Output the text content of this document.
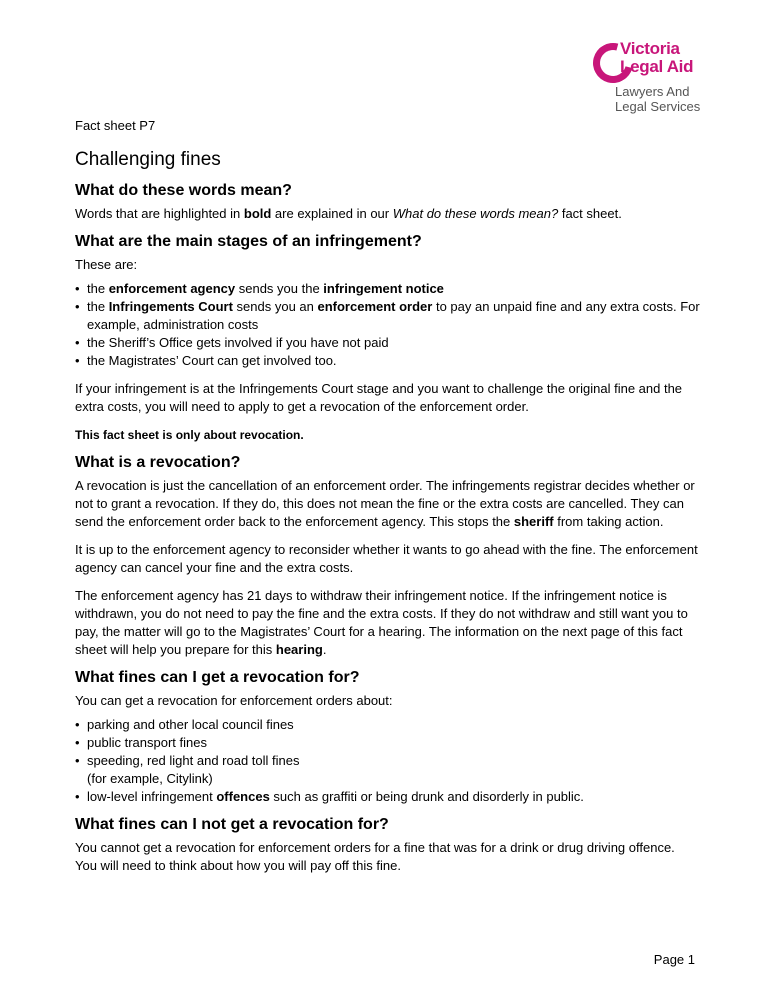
Victoria
Legal Aid
Lawyers And
Legal Services
Fact sheet P7
Challenging fines
What do these words mean?

Words that are highlighted in bold are explained in our What do these words mean? fact sheet.

What are the main stages of an infringement?

These are:

• the enforcement agency sends you the infringement notice
• the Infringements Court sends you an enforcement order to pay an unpaid fine and any extra costs. For example, administration costs
• the Sheriff’s Office gets involved if you have not paid
• the Magistrates’ Court can get involved too.

If your infringement is at the Infringements Court stage and you want to challenge the original fine and the extra costs, you will need to apply to get a revocation of the enforcement order.

This fact sheet is only about revocation.

What is a revocation?

A revocation is just the cancellation of an enforcement order. The infringements registrar decides whether or not to grant a revocation. If they do, this does not mean the fine or the extra costs are cancelled. They can send the enforcement order back to the enforcement agency. This stops the sheriff from taking action.

It is up to the enforcement agency to reconsider whether it wants to go ahead with the fine. The enforcement agency can cancel your fine and the extra costs.

The enforcement agency has 21 days to withdraw their infringement notice. If the infringement notice is withdrawn, you do not need to pay the fine and the extra costs. If they do not withdraw and still want you to pay, the matter will go to the Magistrates’ Court for a hearing. The information on the next page of this fact sheet will help you prepare for this hearing.

What fines can I get a revocation for?

You can get a revocation for enforcement orders about:

• parking and other local council fines
• public transport fines
• speeding, red light and road toll fines
(for example, Citylink)
• low-level infringement offences such as graffiti or being drunk and disorderly in public.
What fines can I not get a revocation for?

You cannot get a revocation for enforcement orders for a fine that was for a drink or drug driving offence. You will need to think about how you will pay off this fine.

Page 1
